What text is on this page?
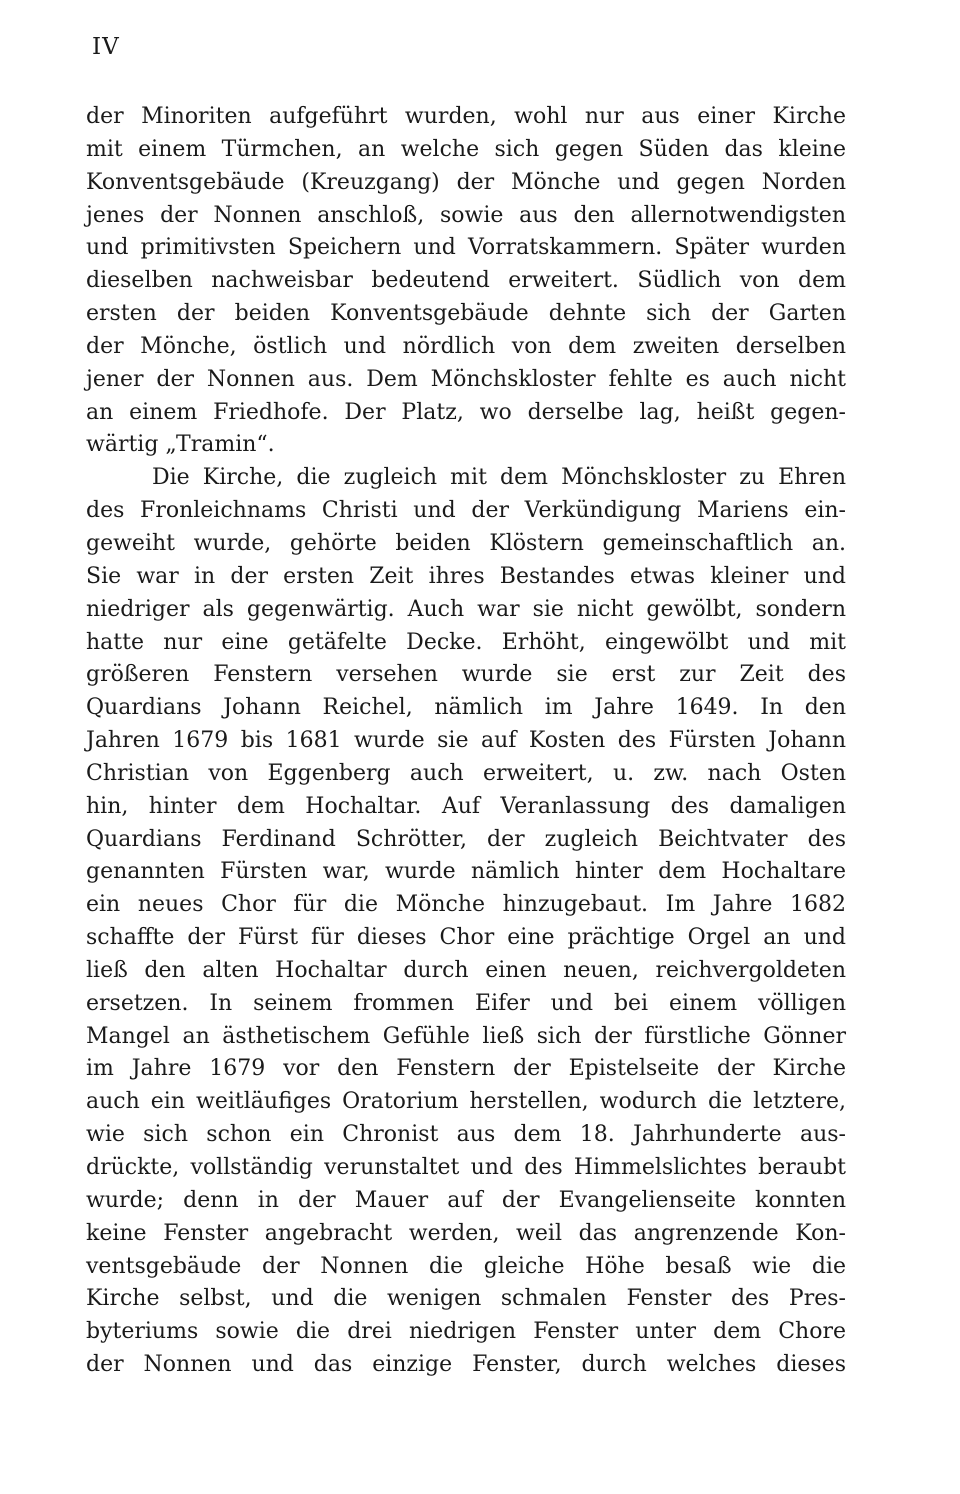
IV
der Minoriten aufgeführt wurden, wohl nur aus einer Kirche
mit einem Türmchen, an welche sich gegen Süden das kleine
Konventsgebäude (Kreuzgang) der Mönche und gegen Norden
jenes der Nonnen anschloß, sowie aus den allernotwendigsten
und primitivsten Speichern und Vorratskammern. Später wurden
dieselben nachweisbar bedeutend erweitert. Südlich von dem
ersten der beiden Konventsgebäude dehnte sich der Garten
der Mönche, östlich und nördlich von dem zweiten derselben
jener der Nonnen aus. Dem Mönchskloster fehlte es auch nicht
an einem Friedhofe. Der Platz, wo derselbe lag, heißt gegen-
wärtig „Tramin“.
Die Kirche, die zugleich mit dem Mönchskloster zu Ehren
des Fronleichnams Christi und der Verkündigung Mariens ein-
geweiht wurde, gehörte beiden Klöstern gemeinschaftlich an.
Sie war in der ersten Zeit ihres Bestandes etwas kleiner und
niedriger als gegenwärtig. Auch war sie nicht gewölbt, sondern
hatte nur eine getäfelte Decke. Erhöht, eingewölbt und mit
größeren Fenstern versehen wurde sie erst zur Zeit des
Quardians Johann Reichel, nämlich im Jahre 1649. In den
Jahren 1679 bis 1681 wurde sie auf Kosten des Fürsten Johann
Christian von Eggenberg auch erweitert, u. zw. nach Osten
hin, hinter dem Hochaltar. Auf Veranlassung des damaligen
Quardians Ferdinand Schrötter, der zugleich Beichtvater des
genannten Fürsten war, wurde nämlich hinter dem Hochaltare
ein neues Chor für die Mönche hinzugebaut. Im Jahre 1682
schaffte der Fürst für dieses Chor eine prächtige Orgel an und
ließ den alten Hochaltar durch einen neuen, reichvergoldeten
ersetzen. In seinem frommen Eifer und bei einem völligen
Mangel an ästhetischem Gefühle ließ sich der fürstliche Gönner
im Jahre 1679 vor den Fenstern der Epistelseite der Kirche
auch ein weitläufiges Oratorium herstellen, wodurch die letztere,
wie sich schon ein Chronist aus dem 18. Jahrhunderte aus-
drückte, vollständig verunstaltet und des Himmelslichtes beraubt
wurde; denn in der Mauer auf der Evangelienseite konnten
keine Fenster angebracht werden, weil das angrenzende Kon-
ventsgebäude der Nonnen die gleiche Höhe besaß wie die
Kirche selbst, und die wenigen schmalen Fenster des Pres-
byteriums sowie die drei niedrigen Fenster unter dem Chore
der Nonnen und das einzige Fenster, durch welches dieses
